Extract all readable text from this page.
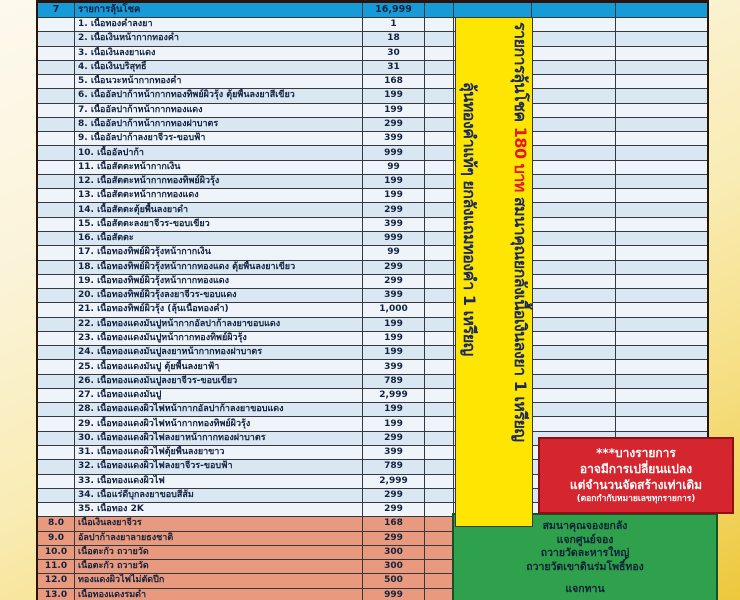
7	รายการลุ้นโชค	16,999
1. เนื้อทองคำลงยา	1
2. เนื้อเงินหน้ากากทองคำ	18
3. เนื้อเงินลงยาแดง	30
4. เนื้อเงินบริสุทธิ์	31
5. เนื้อนวะหน้ากากทองคำ	168
6. เนื้ออัลปาก้าหน้ากากทองทิพย์ผิวรุ้ง ตุ้ยพื้นลงยาสีเขียว	199
7. เนื้ออัลปาก้าหน้ากากทองแดง	199
8. เนื้ออัลปาก้าหน้ากากทองฝาบาตร	299
9. เนื้ออัลปาก้าลงยาจีวร-ขอบฟ้า	399
10. เนื้ออัลปาก้า	999
11. เนื้อสัตตะหน้ากากเงิน	99
12. เนื้อสัตตะหน้ากากทองทิพย์ผิวรุ้ง	199
13. เนื้อสัตตะหน้ากากทองแดง	199
14. เนื้อสัตตะตุ้ยพื้นลงยาดำ	299
15. เนื้อสัตตะลงยาจีวร-ขอบเขียว	399
16. เนื้อสัตตะ	999
17. เนื้อทองทิพย์ผิวรุ้งหน้ากากเงิน	99
18. เนื้อทองทิพย์ผิวรุ้งหน้ากากทองแดง ตุ้ยพื้นลงยาเขียว	299
19. เนื้อทองทิพย์ผิวรุ้งหน้ากากทองแดง	299
20. เนื้อทองทิพย์ผิวรุ้งลงยาจีวร-ขอบแดง	399
21. เนื้อทองทิพย์ผิวรุ้ง (ลุ้นเนื้อทองคำ)	1,000
22. เนื้อทองแดงมันปูหน้ากากอัลปาก้าลงยาขอบแดง	199
23. เนื้อทองแดงมันปูหน้ากากทองทิพย์ผิวรุ้ง	199
24. เนื้อทองแดงมันปูลงยาหน้ากากทองฝาบาตร	199
25. เนื้อทองแดงมันปู ตุ้ยพื้นลงยาฟ้า	399
26. เนื้อทองแดงมันปูลงยาจีวร-ขอบเขียว	789
27. เนื้อทองแดงมันปู	2,999
28. เนื้อทองแดงผิวไฟหน้ากากอัลปาก้าลงยาขอบแดง	199
29. เนื้อทองแดงผิวไฟหน้ากากทองทิพย์ผิวรุ้ง	199
30. เนื้อทองแดงผิวไฟลงยาหน้ากากทองฝาบาตร	299
31. เนื้อทองแดงผิวไฟตุ้ยพื้นลงยาขาว	399
32. เนื้อทองแดงผิวไฟลงยาจีวร-ขอบฟ้า	789
33. เนื้อทองแดงผิวไฟ	2,999
34. เนื้อแร่ดีบุกลงยาขอบสีส้ม	299
35. เนื้อทอง 2K	299
8.0	เนื้อเงินลงยาจีวร	168
9.0	อัลปาก้าลงยาลายธงชาติ	299
10.0	เนื้อตะกั่ว ถวายวัด	300
11.0	เนื้อตะกั่ว ถวายวัด	300
12.0	ทองแดงผิวไฟไม่ตัดปีก	500
13.0	เนื้อทองแดงรมดำ	999
สมนาคุณจองยกลัง
แจกศูนย์จอง
ถวายวัดละหารใหญ่
ถวายวัดเขาดินร่มโพธิ์ทอง
แจกทาน
***บางรายการ
อาจมีการเปลี่ยนแปลง
แต่จำนวนจัดสร้างเท่าเดิม
(ตอกกำกับหมายเลขทุกรายการ)
รายการลุ้นโชค 180 บาท สมนาคุณยกลังเนื้อเงินลงยา 1 เหรียญ
ลุ้นทองคำแท้ๆ ยกลังแถมทองคำ 1 เหรียญ
